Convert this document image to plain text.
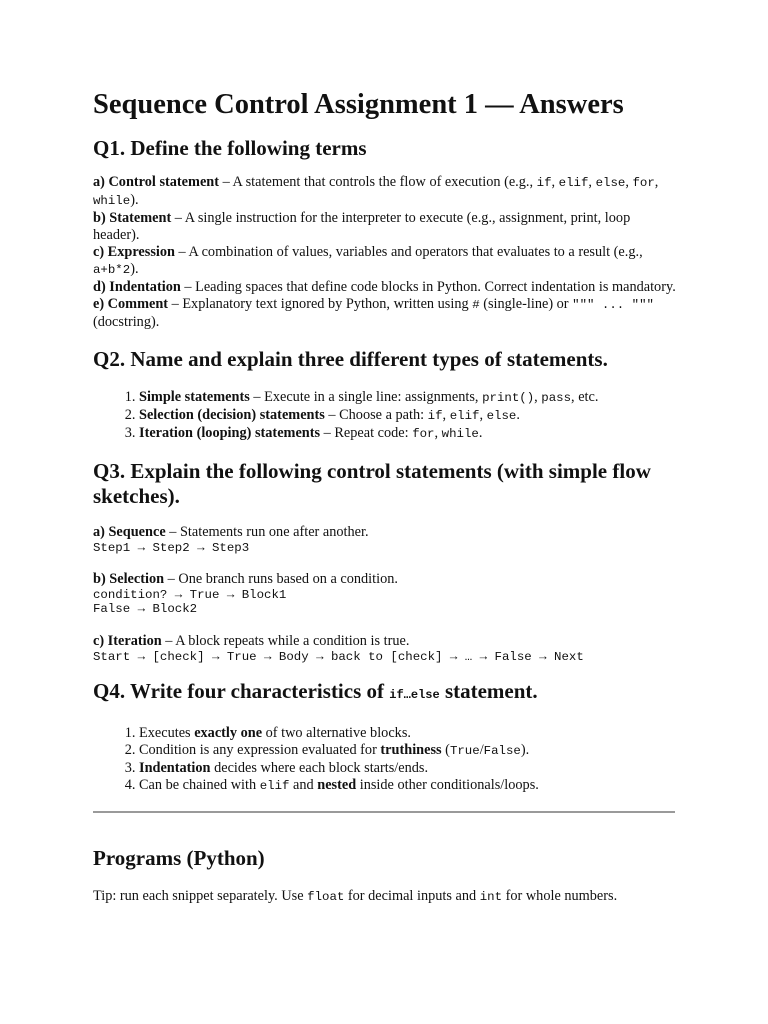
Sequence Control Assignment 1 — Answers
Q1. Define the following terms

a) Control statement – A statement that controls the flow of execution (e.g., if, elif, else, for, while).

b) Statement – A single instruction for the interpreter to execute (e.g., assignment, print, loop header).

c) Expression – A combination of values, variables and operators that evaluates to a result (e.g., a+b*2).

d) Indentation – Leading spaces that define code blocks in Python. Correct indentation is mandatory.

e) Comment – Explanatory text ignored by Python, written using # (single-line) or """ ... """ (docstring).

Q2. Name and explain three different types of statements.
1. Simple statements – Execute in a single line: assignments, print(), pass, etc.
2. Selection (decision) statements – Choose a path: if, elif, else.
3. Iteration (looping) statements – Repeat code: for, while.
Q3. Explain the following control statements (with simple flow sketches).

a) Sequence – Statements run one after another.

Step1 → Step2 → Step3

b) Selection – One branch runs based on a condition.

condition? → True → Block1
False → Block2

c) Iteration – A block repeats while a condition is true.

Start → [check] → True → Body → back to [check] → … → False → Next
Q4. Write four characteristics of if…else statement.
1. Executes exactly one of two alternative blocks.
2. Condition is any expression evaluated for truthiness (True/False).
3. Indentation decides where each block starts/ends.
4. Can be chained with elif and nested inside other conditionals/loops.
Programs (Python)

Tip: run each snippet separately. Use float for decimal inputs and int for whole numbers.
